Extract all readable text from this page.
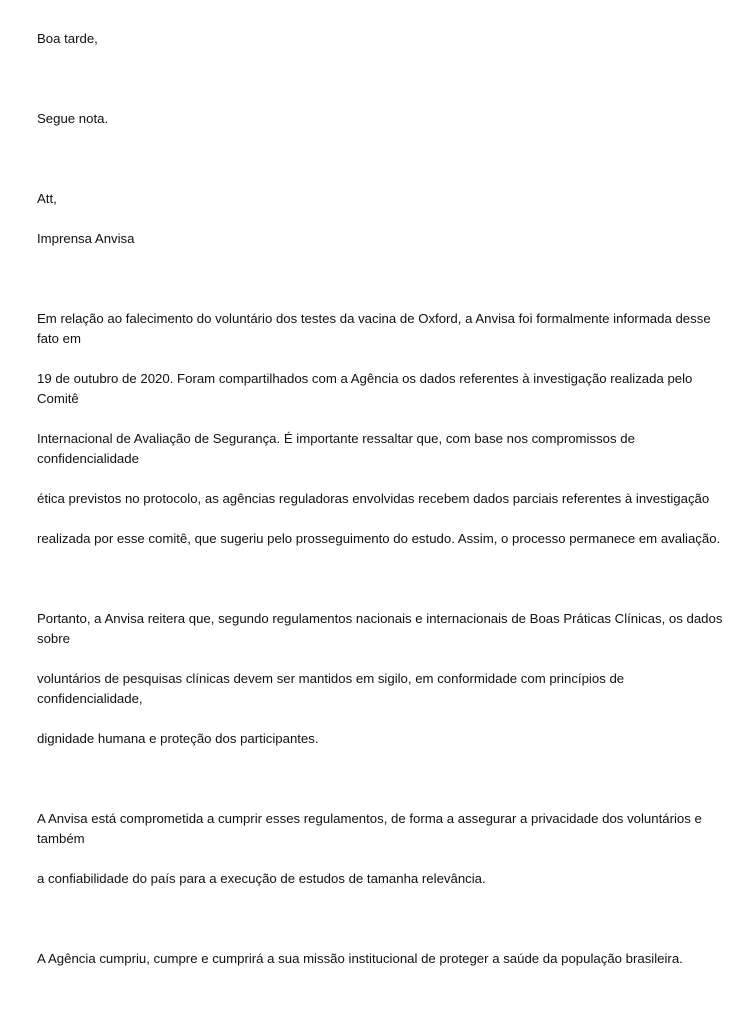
Boa tarde,

Segue nota.

Att,

Imprensa Anvisa

Em relação ao falecimento do voluntário dos testes da vacina de Oxford, a Anvisa foi formalmente informada desse fato em

19 de outubro de 2020. Foram compartilhados com a Agência os dados referentes à investigação realizada pelo Comitê

Internacional de Avaliação de Segurança. É importante ressaltar que, com base nos compromissos de confidencialidade

ética previstos no protocolo, as agências reguladoras envolvidas recebem dados parciais referentes à investigação

realizada por esse comitê, que sugeriu pelo prosseguimento do estudo. Assim, o processo permanece em avaliação.

Portanto, a Anvisa reitera que, segundo regulamentos nacionais e internacionais de Boas Práticas Clínicas, os dados sobre

voluntários de pesquisas clínicas devem ser mantidos em sigilo, em conformidade com princípios de confidencialidade,

dignidade humana e proteção dos participantes.

A Anvisa está comprometida a cumprir esses regulamentos, de forma a assegurar a privacidade dos voluntários e também

a confiabilidade do país para a execução de estudos de tamanha relevância.

A Agência cumpriu, cumpre e cumprirá a sua missão institucional de proteger a saúde da população brasileira.
